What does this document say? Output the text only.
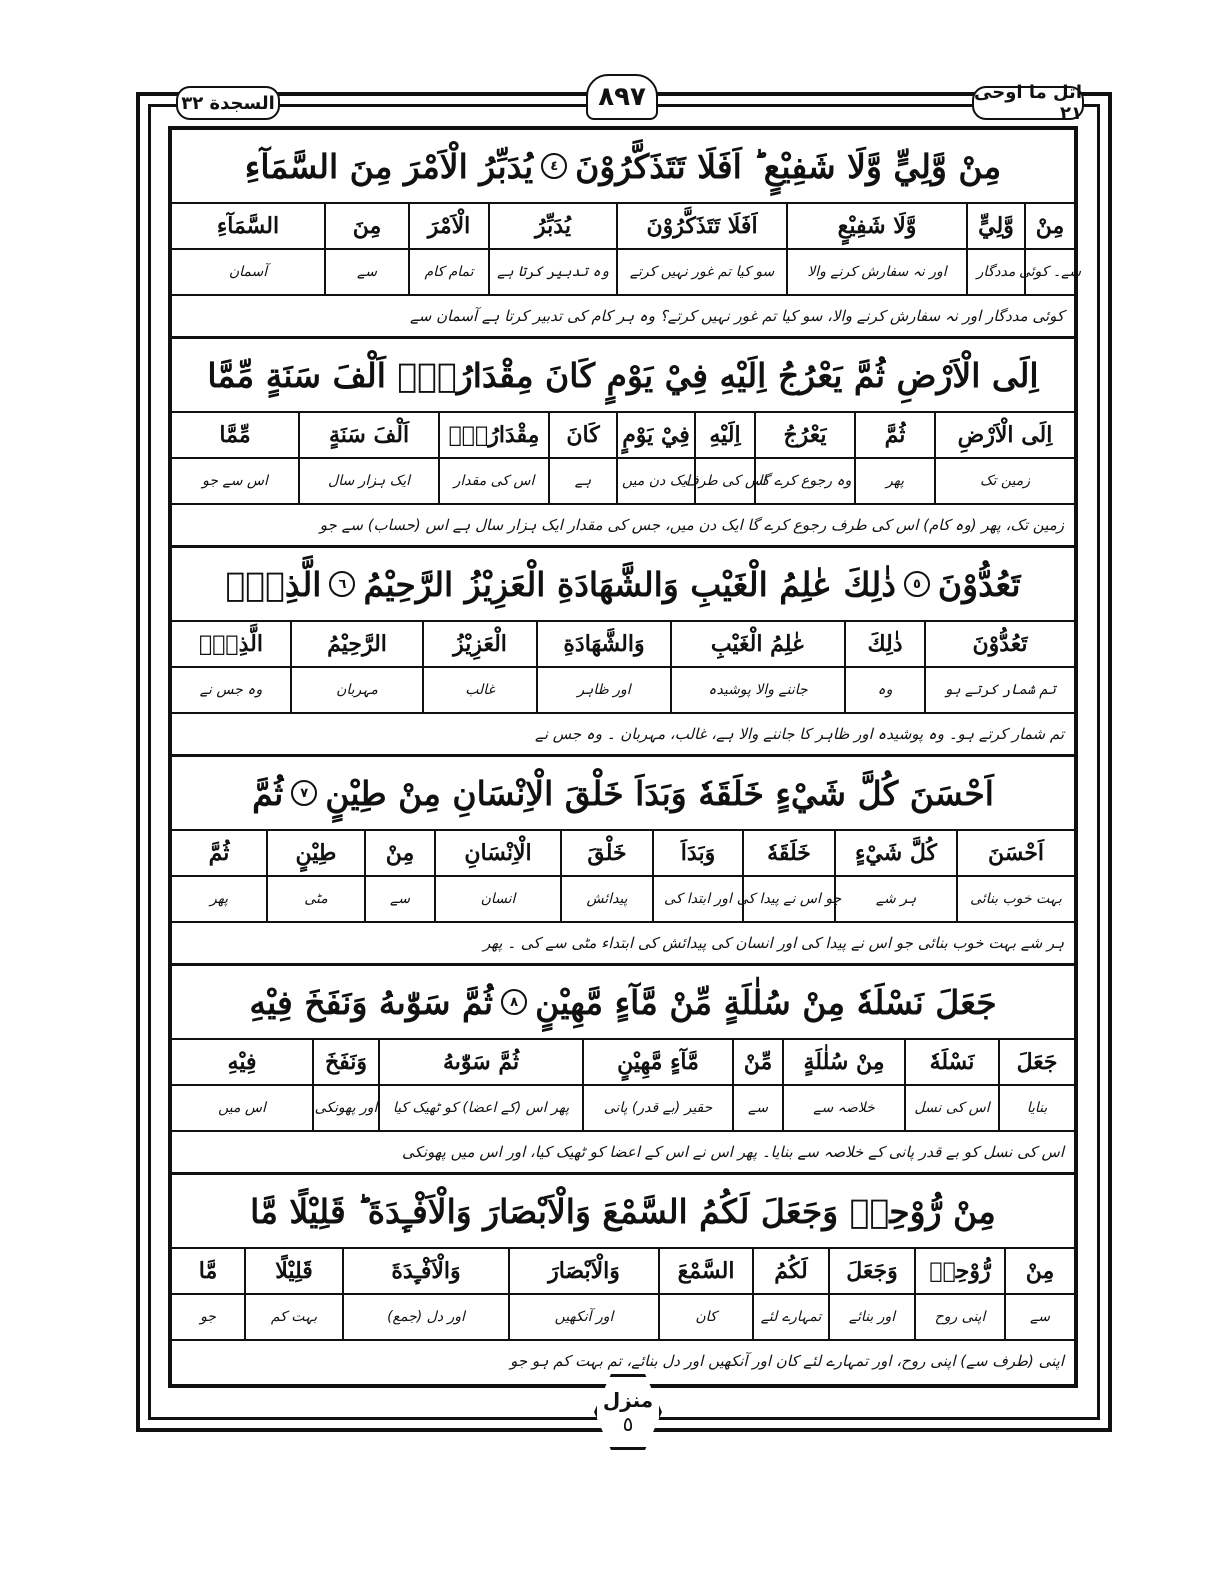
السجدة ٣٢	٨٩٧	اتل ما اوحی ٢١
مِنْ وَّلِيٍّ وَّلَا شَفِيْعٍ ؕ اَفَلَا تَتَذَكَّرُوْنَ
٤
يُدَبِّرُ الْاَمْرَ مِنَ السَّمَآءِ
مِنْ
وَّلِيٍّ
وَّلَا شَفِيْعٍ
اَفَلَا تَتَذَكَّرُوْنَ
يُدَبِّرُ
الْاَمْرَ
مِنَ
السَّمَآءِ
سے۔ کوئی
مددگار
اور نہ سفارش کرنے والا
سو کیا تم غور نہیں کرتے
وہ تدبیر کرتا ہے
تمام کام
سے
آسمان
کوئی مددگار اور نہ سفارش کرنے والا، سو کیا تم غور نہیں کرتے؟ وہ ہر کام کی تدبیر کرتا ہے آسمان سے
اِلَى الْاَرْضِ ثُمَّ يَعْرُجُ اِلَيْهِ فِيْ يَوْمٍ كَانَ مِقْدَارُهٗۤ اَلْفَ سَنَةٍ مِّمَّا
اِلَى الْاَرْضِ
ثُمَّ
يَعْرُجُ
اِلَيْهِ
فِيْ يَوْمٍ
كَانَ
مِقْدَارُهٗۤ
اَلْفَ سَنَةٍ
مِّمَّا
زمین تک
پھر
وہ رجوع کرے گا
اس کی طرف
ایک دن میں
ہے
اس کی مقدار
ایک ہزار سال
اس سے جو
زمین تک، پھر (وہ کام) اس کی طرف رجوع کرے گا ایک دن میں، جس کی مقدار ایک ہزار سال ہے اس (حساب) سے جو
تَعُدُّوْنَ
٥
ذٰلِكَ عٰلِمُ الْغَيْبِ وَالشَّهَادَةِ الْعَزِيْزُ الرَّحِيْمُ
٦
الَّذِيْۤ
تَعُدُّوْنَ
ذٰلِكَ
عٰلِمُ الْغَيْبِ
وَالشَّهَادَةِ
الْعَزِيْزُ
الرَّحِيْمُ
الَّذِيْۤ
تم شمار کرتے ہو
وہ
جاننے والا پوشیدہ
اور ظاہر
غالب
مہربان
وہ جس نے
تم شمار کرتے ہو۔ وہ پوشیدہ اور ظاہر کا جاننے والا ہے، غالب، مہربان ۔ وہ جس نے
اَحْسَنَ كُلَّ شَيْءٍ خَلَقَهٗ وَبَدَاَ خَلْقَ الْاِنْسَانِ مِنْ طِيْنٍ
٧
ثُمَّ
اَحْسَنَ
كُلَّ شَيْءٍ
خَلَقَهٗ
وَبَدَاَ
خَلْقَ
الْاِنْسَانِ
مِنْ
طِيْنٍ
ثُمَّ
بہت خوب بنائی
ہر شے
جو اس نے پیدا کی
اور ابتدا کی
پیدائش
انسان
سے
مٹی
پھر
ہر شے بہت خوب بنائی جو اس نے پیدا کی اور انسان کی پیدائش کی ابتداء مٹی سے کی ۔ پھر
جَعَلَ نَسْلَهٗ مِنْ سُلٰلَةٍ مِّنْ مَّآءٍ مَّهِيْنٍ
٨
ثُمَّ سَوّٰىهُ وَنَفَخَ فِيْهِ
جَعَلَ
نَسْلَهٗ
مِنْ سُلٰلَةٍ
مِّنْ
مَّآءٍ مَّهِيْنٍ
ثُمَّ سَوّٰىهُ
وَنَفَخَ
فِيْهِ
بنایا
اس کی نسل
خلاصہ سے
سے
حقیر (بے قدر) پانی
پھر اس (کے اعضا) کو ٹھیک کیا
اور پھونکی
اس میں
اس کی نسل کو بے قدر پانی کے خلاصہ سے بنایا۔ پھر اس نے اس کے اعضا کو ٹھیک کیا، اور اس میں پھونکی
مِنْ رُّوْحِهٖ وَجَعَلَ لَكُمُ السَّمْعَ وَالْاَبْصَارَ وَالْاَفْـِٕدَةَ ؕ قَلِيْلًا مَّا
مِنْ
رُّوْحِهٖ
وَجَعَلَ
لَكُمُ
السَّمْعَ
وَالْاَبْصَارَ
وَالْاَفْـِٕدَةَ
قَلِيْلًا
مَّا
سے
اپنی روح
اور بنائے
تمہارے لئے
کان
اور آنکھیں
اور دل (جمع)
بہت کم
جو
اپنی (طرف سے) اپنی روح، اور تمہارے لئے کان اور آنکھیں اور دل بنائے، تم بہت کم ہو جو
منزل
٥
